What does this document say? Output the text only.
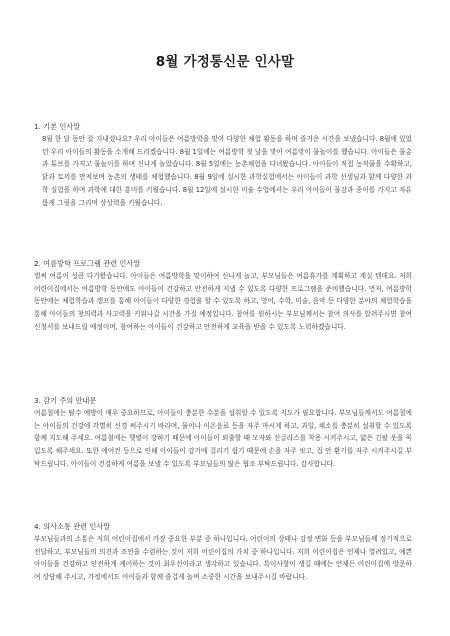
8월 가정통신문 인사말
1. 기본 인사말
8월 한 달 동안 잘 지내셨나요? 우리 아이들은 여름방학을 맞아 다양한 체험 활동을 하며 즐거운 시간을 보냈습니다. 8월에 있었던 우리 아이들의 활동을 소개해 드리겠습니다. 8월 1일에는 여름방학 첫 날을 맞아 여름맞이 물놀이를 했습니다. 아이들은 물총과 튜브를 가지고 물놀이를 하며 신나게 놀았습니다. 8월 5일에는 농촌체험을 다녀왔습니다. 아이들이 직접 농작물을 수확하고, 닭과 토끼를 만져보며 농촌의 생태를 체험했습니다. 8월 9일에 실시한 과학실험에서는 아이들이 과학 선생님과 함께 다양한 과학 실험을 하며 과학에 대한 흥미를 키웠습니다. 8월 12일에 실시한 미술 수업에서는 우리 아이들이 물감과 종이를 가지고 자유롭게 그림을 그리며 상상력을 키웠습니다.
2. 여름방학 프로그램 관련 인사말
벌써 여름이 성큼 다가왔습니다. 아이들은 여름방학을 맞이하여 신나게 놀고, 부모님들은 여름휴가를 계획하고 계실 텐데요. 저희 어린이집에서는 여름방학 동안에도 아이들이 건강하고 안전하게 지낼 수 있도록 다양한 프로그램을 준비했습니다. 먼저, 여름방학 동안에는 체험학습과 캠프를 통해 아이들이 다양한 경험을 할 수 있도록 하고, 영어, 수학, 미술, 음악 등 다양한 분야의 체험학습을 통해 아이들의 창의력과 사고력을 키워나갈 시간을 가질 예정입니다. 참여를 원하시는 부모님께서는 참여 의사를 알려주시면 참여 신청서를 보내드릴 예정이며, 참여하는 아이들이 건강하고 안전하게 교육을 받을 수 있도록 노력하겠습니다.
3. 감기 주의 안내문
여름철에는 탈수 예방이 매우 중요하므로, 아이들이 충분한 수분을 섭취할 수 있도록 지도가 필요합니다. 부모님들께서도 여름철에는 아이들의 건강에 각별히 신경 써주시기 바라며, 물이나 이온음료 등을 자주 마시게 하고, 과일, 채소를 충분히 섭취할 수 있도록 함께 지도해 주세요. 여름철에는 햇볕이 강하기 때문에 아이들이 외출할 때 모자와 선글라스를 착용 시켜주시고, 얇은 긴팔 옷을 꼭 입도록 해주세요. 또한 에어컨 등으로 인해 아이들이 감기에 걸리기 쉽기 때문에 손을 자주 씻고, 집 안 환기를 자주 시켜주시길 부탁드립니다. 아이들이 건강하게 여름을 보낼 수 있도록 부모님들의 많은 협조 부탁드립니다. 감사합니다.
4. 의사소통 관련 인사말
부모님들과의 소통은 저희 어린이집에서 가장 중요한 부분 중 하나입니다. 어린이의 상태나 감정 변화 등을 부모님들께 정기적으로 전달하고, 부모님들의 의견과 조언을 수렴하는 것이 저희 어린이집의 가치 중 하나입니다. 저희 어린이집은 언제나 열려있고, 예쁜 아이들을 건강하고 안전하게 케어하는 것이 최우선이라고 생각하고 있습니다. 특이사항이 생길 때에는 언제든 어린이집에 방문하여 상담해 주시고, 가정에서도 아이들과 함께 즐겁게 놀며 소중한 시간을 보내주시길 바랍니다.
